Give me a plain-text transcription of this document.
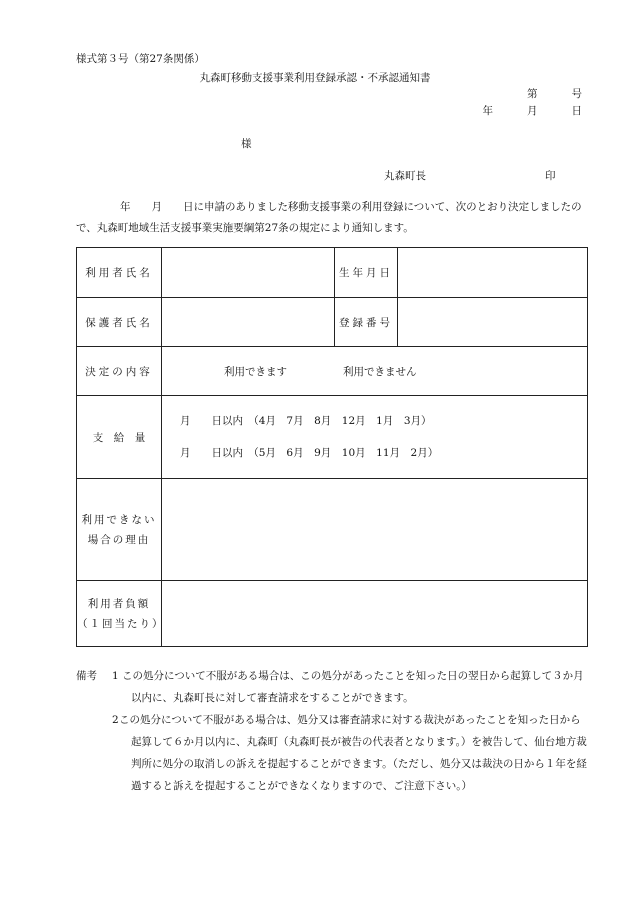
様式第３号（第27条関係）
丸森町移動支援事業利用登録承認・不承認通知書
第	号
年	月	日
様
丸森町長	印
年　　月　　日に申請のありました移動支援事業の利用登録について、次のとおり決定しましたので、丸森町地域生活支援事業実施要綱第27条の規定により通知します。
利用者氏名		生年月日	
保護者氏名		登録番号	
決定の内容	利用できます 利用できません		
支　給　量	月　　日以内　（4月　7月　8月　12月　1月　3月）
月　　日以内　（5月　6月　9月　10月　11月　2月）		

利用できない
場合の理由			

利用者負額
（１回当たり）			

備考 1 この処分について不服がある場合は、この処分があったことを知った日の翌日から起算して３か月以内に、丸森町長に対して審査請求をすることができます。
2 この処分について不服がある場合は、処分又は審査請求に対する裁決があったことを知った日から起算して６か月以内に、丸森町（丸森町長が被告の代表者となります。）を被告して、仙台地方裁判所に処分の取消しの訴えを提起することができます。（ただし、処分又は裁決の日から１年を経過すると訴えを提起することができなくなりますので、ご注意下さい。）
